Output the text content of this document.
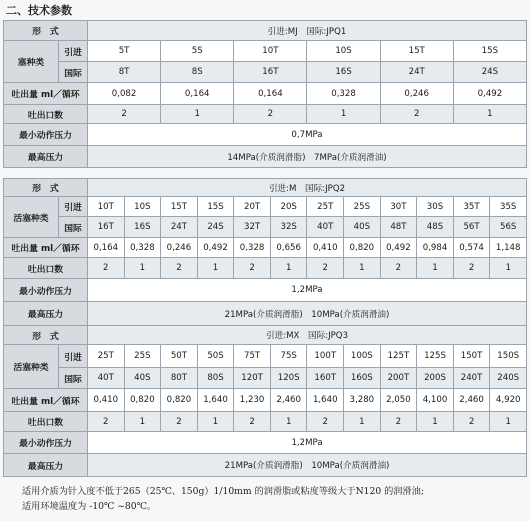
二、技术参数
形　式		引进:MJ　国际:JPQ1					
塞种类	引进	5T	5S	10T	10S	15T	15S
	国际	8T	8S	16T	16S	24T	24S
吐出量 ml／循环		0,082	0,164	0,164	0,328	0,246	0,492
吐出口数		2	1	2	1	2	1
最小动作压力		0,7MPa					
最高压力		14MPa(介质润滑脂)　7MPa(介质润滑油)					
形　式		引进:M　国际:JPQ2											
活塞种类	引进	10T	10S	15T	15S	20T	20S	25T	25S	30T	30S	35T	35S
	国际	16T	16S	24T	24S	32T	32S	40T	40S	48T	48S	56T	56S
吐出量 ml／循环		0,164	0,328	0,246	0,492	0,328	0,656	0,410	0,820	0,492	0,984	0,574	1,148
吐出口数		2	1	2	1	2	1	2	1	2	1	2	1
最小动作压力		1,2MPa											
最高压力		21MPa(介质润滑脂)　10MPa(介质润滑油)											
形　式		引进:MX　国际:JPQ3											
活塞种类	引进	25T	25S	50T	50S	75T	75S	100T	100S	125T	125S	150T	150S
	国际	40T	40S	80T	80S	120T	120S	160T	160S	200T	200S	240T	240S
吐出量 ml／循环		0,410	0,820	0,820	1,640	1,230	2,460	1,640	3,280	2,050	4,100	2,460	4,920
吐出口数		2	1	2	1	2	1	2	1	2	1	2	1
最小动作压力		1,2MPa											
最高压力		21MPa(介质润滑脂)　10MPa(介质润滑油)											
适用介质为针入度不低于265（25℃、150g）1/10mm 的润滑脂或粘度等级大于N120 的润滑油;
适用环境温度为 -10℃ ~80℃。
